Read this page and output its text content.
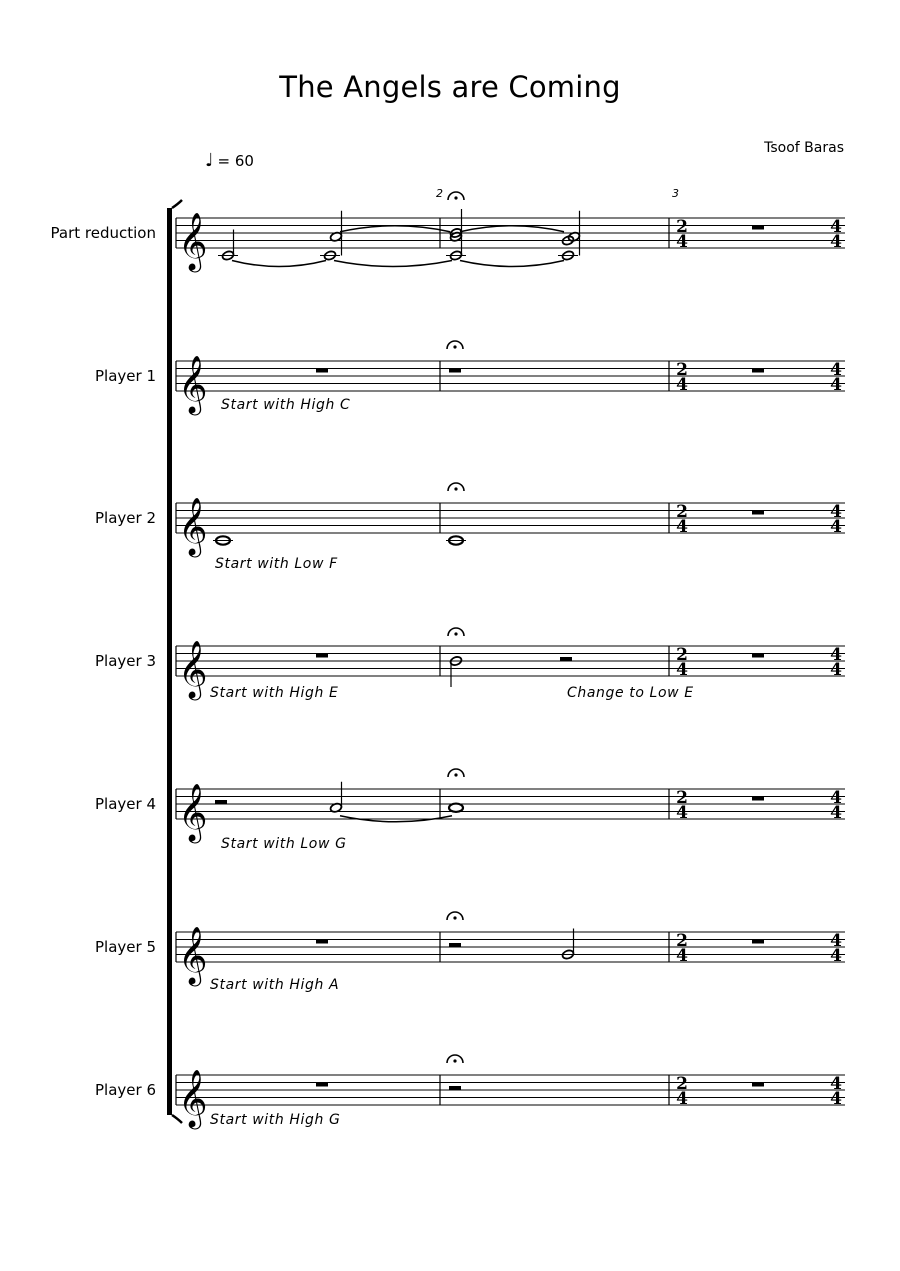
The Angels are Coming
Tsoof Baras
♩ = 60
2	3
Part reduction
Player 1
Player 2
Player 3
Player 4
Player 5
Player 6
Start with High C
Start with Low F
Start with High E	Change to Low E
Start with Low G
Start with High A
Start with High G
𝄞	2
4
4
4
𝄞	2
4
4
4
𝄞	2
4
4
4
𝄞	2
4
4
4
𝄞	2
4
4
4
𝄞	2
4
4
4
𝄞	2
4
4
4
